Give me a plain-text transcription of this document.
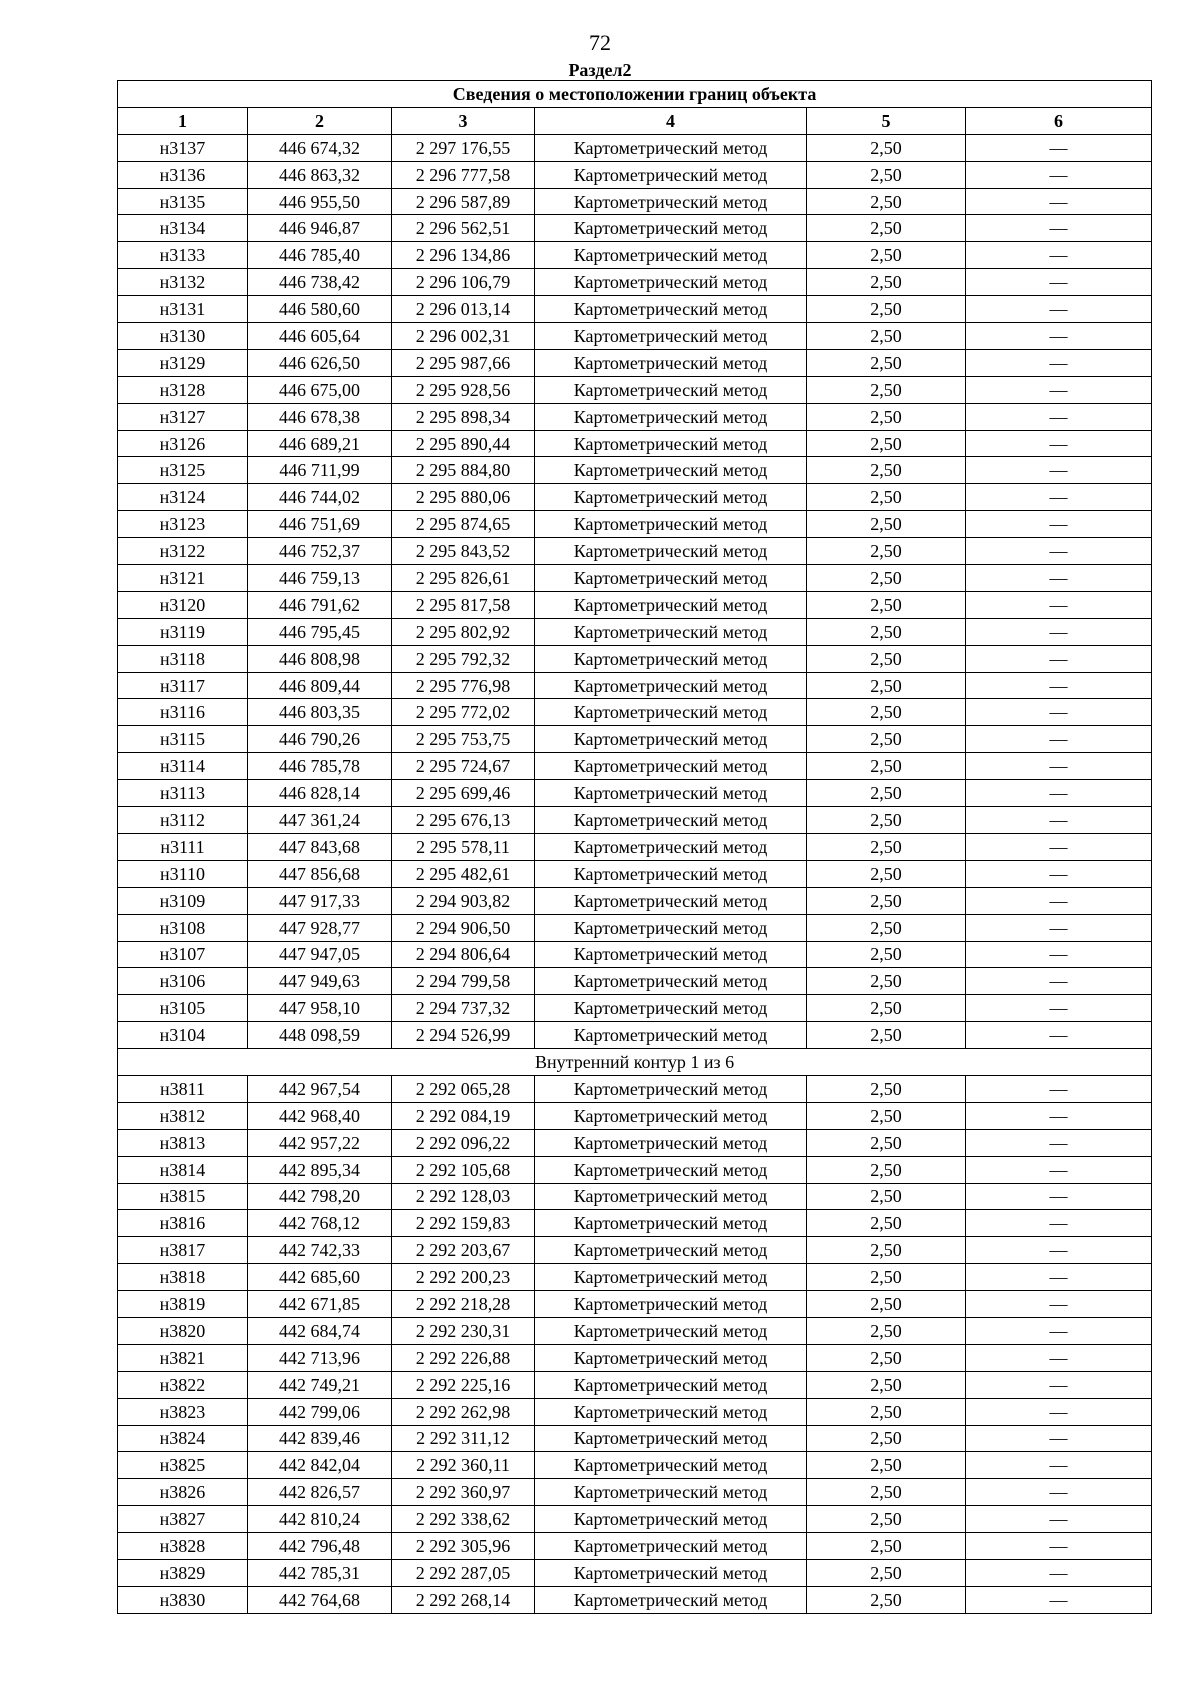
72
Раздел2
Сведения о местоположении границ объекта					
1	2	3	4	5	6
н3137	446 674,32	2 297 176,55	Картометрический метод	2,50	—
н3136	446 863,32	2 296 777,58	Картометрический метод	2,50	—
н3135	446 955,50	2 296 587,89	Картометрический метод	2,50	—
н3134	446 946,87	2 296 562,51	Картометрический метод	2,50	—
н3133	446 785,40	2 296 134,86	Картометрический метод	2,50	—
н3132	446 738,42	2 296 106,79	Картометрический метод	2,50	—
н3131	446 580,60	2 296 013,14	Картометрический метод	2,50	—
н3130	446 605,64	2 296 002,31	Картометрический метод	2,50	—
н3129	446 626,50	2 295 987,66	Картометрический метод	2,50	—
н3128	446 675,00	2 295 928,56	Картометрический метод	2,50	—
н3127	446 678,38	2 295 898,34	Картометрический метод	2,50	—
н3126	446 689,21	2 295 890,44	Картометрический метод	2,50	—
н3125	446 711,99	2 295 884,80	Картометрический метод	2,50	—
н3124	446 744,02	2 295 880,06	Картометрический метод	2,50	—
н3123	446 751,69	2 295 874,65	Картометрический метод	2,50	—
н3122	446 752,37	2 295 843,52	Картометрический метод	2,50	—
н3121	446 759,13	2 295 826,61	Картометрический метод	2,50	—
н3120	446 791,62	2 295 817,58	Картометрический метод	2,50	—
н3119	446 795,45	2 295 802,92	Картометрический метод	2,50	—
н3118	446 808,98	2 295 792,32	Картометрический метод	2,50	—
н3117	446 809,44	2 295 776,98	Картометрический метод	2,50	—
н3116	446 803,35	2 295 772,02	Картометрический метод	2,50	—
н3115	446 790,26	2 295 753,75	Картометрический метод	2,50	—
н3114	446 785,78	2 295 724,67	Картометрический метод	2,50	—
н3113	446 828,14	2 295 699,46	Картометрический метод	2,50	—
н3112	447 361,24	2 295 676,13	Картометрический метод	2,50	—
н3111	447 843,68	2 295 578,11	Картометрический метод	2,50	—
н3110	447 856,68	2 295 482,61	Картометрический метод	2,50	—
н3109	447 917,33	2 294 903,82	Картометрический метод	2,50	—
н3108	447 928,77	2 294 906,50	Картометрический метод	2,50	—
н3107	447 947,05	2 294 806,64	Картометрический метод	2,50	—
н3106	447 949,63	2 294 799,58	Картометрический метод	2,50	—
н3105	447 958,10	2 294 737,32	Картометрический метод	2,50	—
н3104	448 098,59	2 294 526,99	Картометрический метод	2,50	—
Внутренний контур 1 из 6					
н3811	442 967,54	2 292 065,28	Картометрический метод	2,50	—
н3812	442 968,40	2 292 084,19	Картометрический метод	2,50	—
н3813	442 957,22	2 292 096,22	Картометрический метод	2,50	—
н3814	442 895,34	2 292 105,68	Картометрический метод	2,50	—
н3815	442 798,20	2 292 128,03	Картометрический метод	2,50	—
н3816	442 768,12	2 292 159,83	Картометрический метод	2,50	—
н3817	442 742,33	2 292 203,67	Картометрический метод	2,50	—
н3818	442 685,60	2 292 200,23	Картометрический метод	2,50	—
н3819	442 671,85	2 292 218,28	Картометрический метод	2,50	—
н3820	442 684,74	2 292 230,31	Картометрический метод	2,50	—
н3821	442 713,96	2 292 226,88	Картометрический метод	2,50	—
н3822	442 749,21	2 292 225,16	Картометрический метод	2,50	—
н3823	442 799,06	2 292 262,98	Картометрический метод	2,50	—
н3824	442 839,46	2 292 311,12	Картометрический метод	2,50	—
н3825	442 842,04	2 292 360,11	Картометрический метод	2,50	—
н3826	442 826,57	2 292 360,97	Картометрический метод	2,50	—
н3827	442 810,24	2 292 338,62	Картометрический метод	2,50	—
н3828	442 796,48	2 292 305,96	Картометрический метод	2,50	—
н3829	442 785,31	2 292 287,05	Картометрический метод	2,50	—
н3830	442 764,68	2 292 268,14	Картометрический метод	2,50	—
